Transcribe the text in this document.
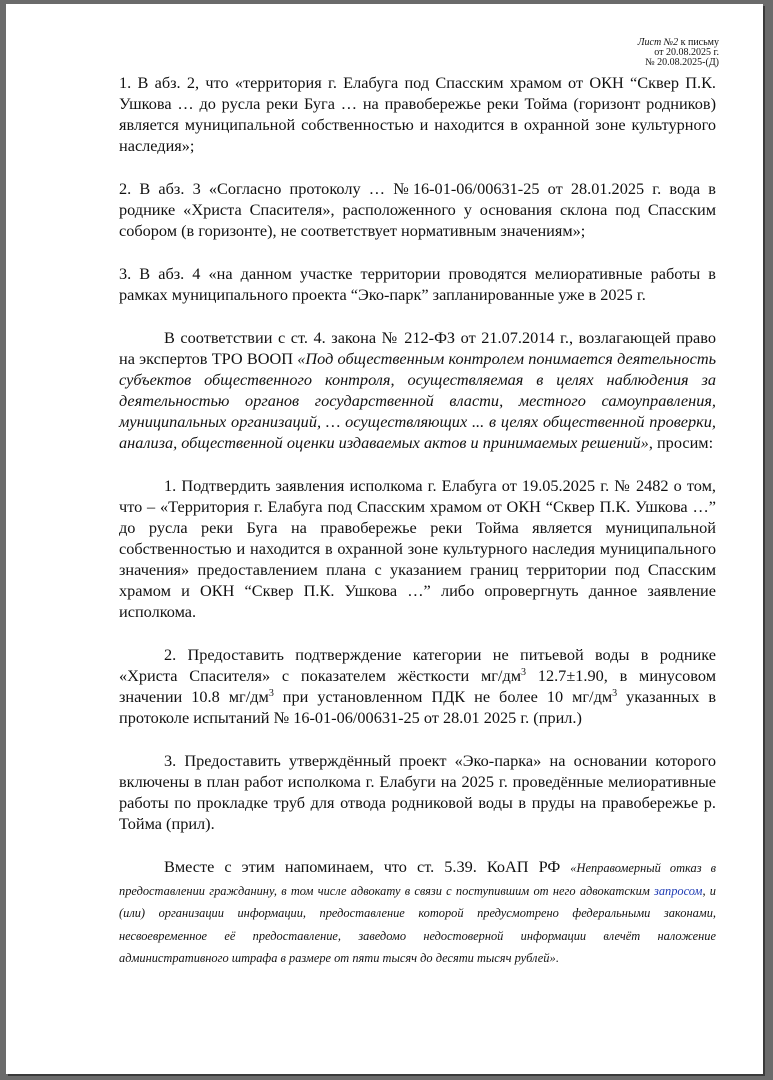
Лист №2 к письму
от 20.08.2025 г.
№ 20.08.2025-(Д)

1. В абз. 2, что «территория г. Елабуга под Спасским храмом от ОКН “Сквер П.К. Ушкова … до русла реки Буга … на правобережье реки Тойма (горизонт родников) является муниципальной собственностью и находится в охранной зоне культурного наследия»;

2. В абз. 3 «Согласно протоколу … №16-01-06/00631-25 от 28.01.2025 г. вода в роднике «Христа Спасителя», расположенного у основания склона под Спасским собором (в горизонте), не соответствует нормативным значениям»;

3. В абз. 4 «на данном участке территории проводятся мелиоративные работы в рамках муниципального проекта “Эко-парк” запланированные уже в 2025 г.

В соответствии с ст. 4. закона № 212-ФЗ от 21.07.2014 г., возлагающей право на экспертов ТРО ВООП «Под общественным контролем понимается деятельность субъектов общественного контроля, осуществляемая в целях наблюдения за деятельностью органов государственной власти, местного самоуправления, муниципальных организаций, … осуществляющих ... в целях общественной проверки, анализа, общественной оценки издаваемых актов и принимаемых решений», просим:

1. Подтвердить заявления исполкома г. Елабуга от 19.05.2025 г. № 2482 о том, что – «Территория г. Елабуга под Спасским храмом от ОКН “Сквер П.К. Ушкова …” до русла реки Буга на правобережье реки Тойма является муниципальной собственностью и находится в охранной зоне культурного наследия муниципального значения» предоставлением плана с указанием границ территории под Спасским храмом и ОКН “Сквер П.К. Ушкова …” либо опровергнуть данное заявление исполкома.

2. Предоставить подтверждение категории не питьевой воды в роднике «Христа Спасителя» с показателем жёсткости $мг/дм^3$ 12.7±1.90, в минусовом значении 10.8 $мг/дм^3$ при установленном ПДК не более 10 $мг/дм^3$ указанных в протоколе испытаний № 16-01-06/00631-25 от 28.01 2025 г. (прил.)

3. Предоставить утверждённый проект «Эко-парка» на основании которого включены в план работ исполкома г. Елабуги на 2025 г. проведённые мелиоративные работы по прокладке труб для отвода родниковой воды в пруды на правобережье р. Тойма (прил).

Вместе с этим напоминаем, что ст. 5.39. КоАП РФ «Неправомерный отказ в предоставлении гражданину, в том числе адвокату в связи с поступившим от него адвокатским запросом, и (или) организации информации, предоставление которой предусмотрено федеральными законами, несвоевременное её предоставление, заведомо недостоверной информации влечёт наложение административного штрафа в размере от пяти тысяч до десяти тысяч рублей».
